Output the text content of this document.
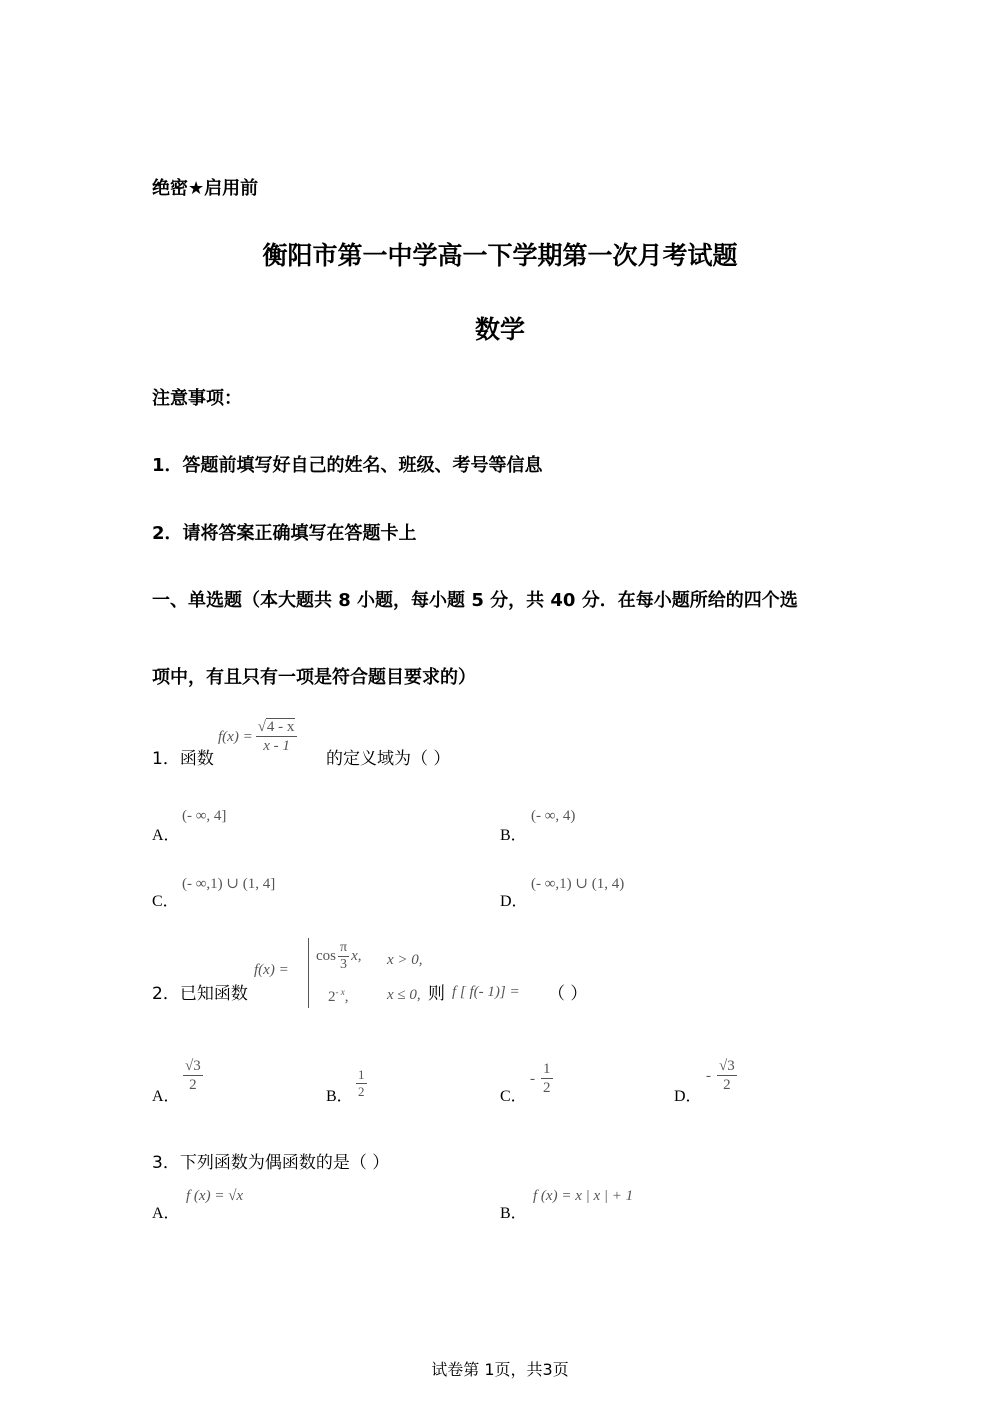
绝密★启用前
衡阳市第一中学高一下学期第一次月考试题
数学
注意事项：
1．答题前填写好自己的姓名、班级、考号等信息
2．请将答案正确填写在答题卡上
一、单选题（本大题共 8 小题，每小题 5 分，共 40 分．在每小题所给的四个选
项中，有且只有一项是符合题目要求的）
1．函数
$f(x) = \frac{√4 - x}{x - 1}$
的定义域为（ ）
A．
(- ∞, 4]
B．
(- ∞, 4)
C．
(- ∞,1) ∪ (1, 4]
D．
(- ∞,1) ∪ (1, 4)
2．已知函数
f(x) =
$\cos \frac{\pi}{3} x$, x > 0,
$2^{- x}$,	x ≤ 0, 则 f [ f(- 1)] = （ ）
A．
$\frac{√3}{2}$
B． $\frac{1}{2}$	C．
- $\frac{1}{2}$	D．
- $\frac{√3}{2}$
3．下列函数为偶函数的是（ ）
A．
f (x) = √x
B．
f (x) = x | x | + 1
试卷第 1页，共3页
